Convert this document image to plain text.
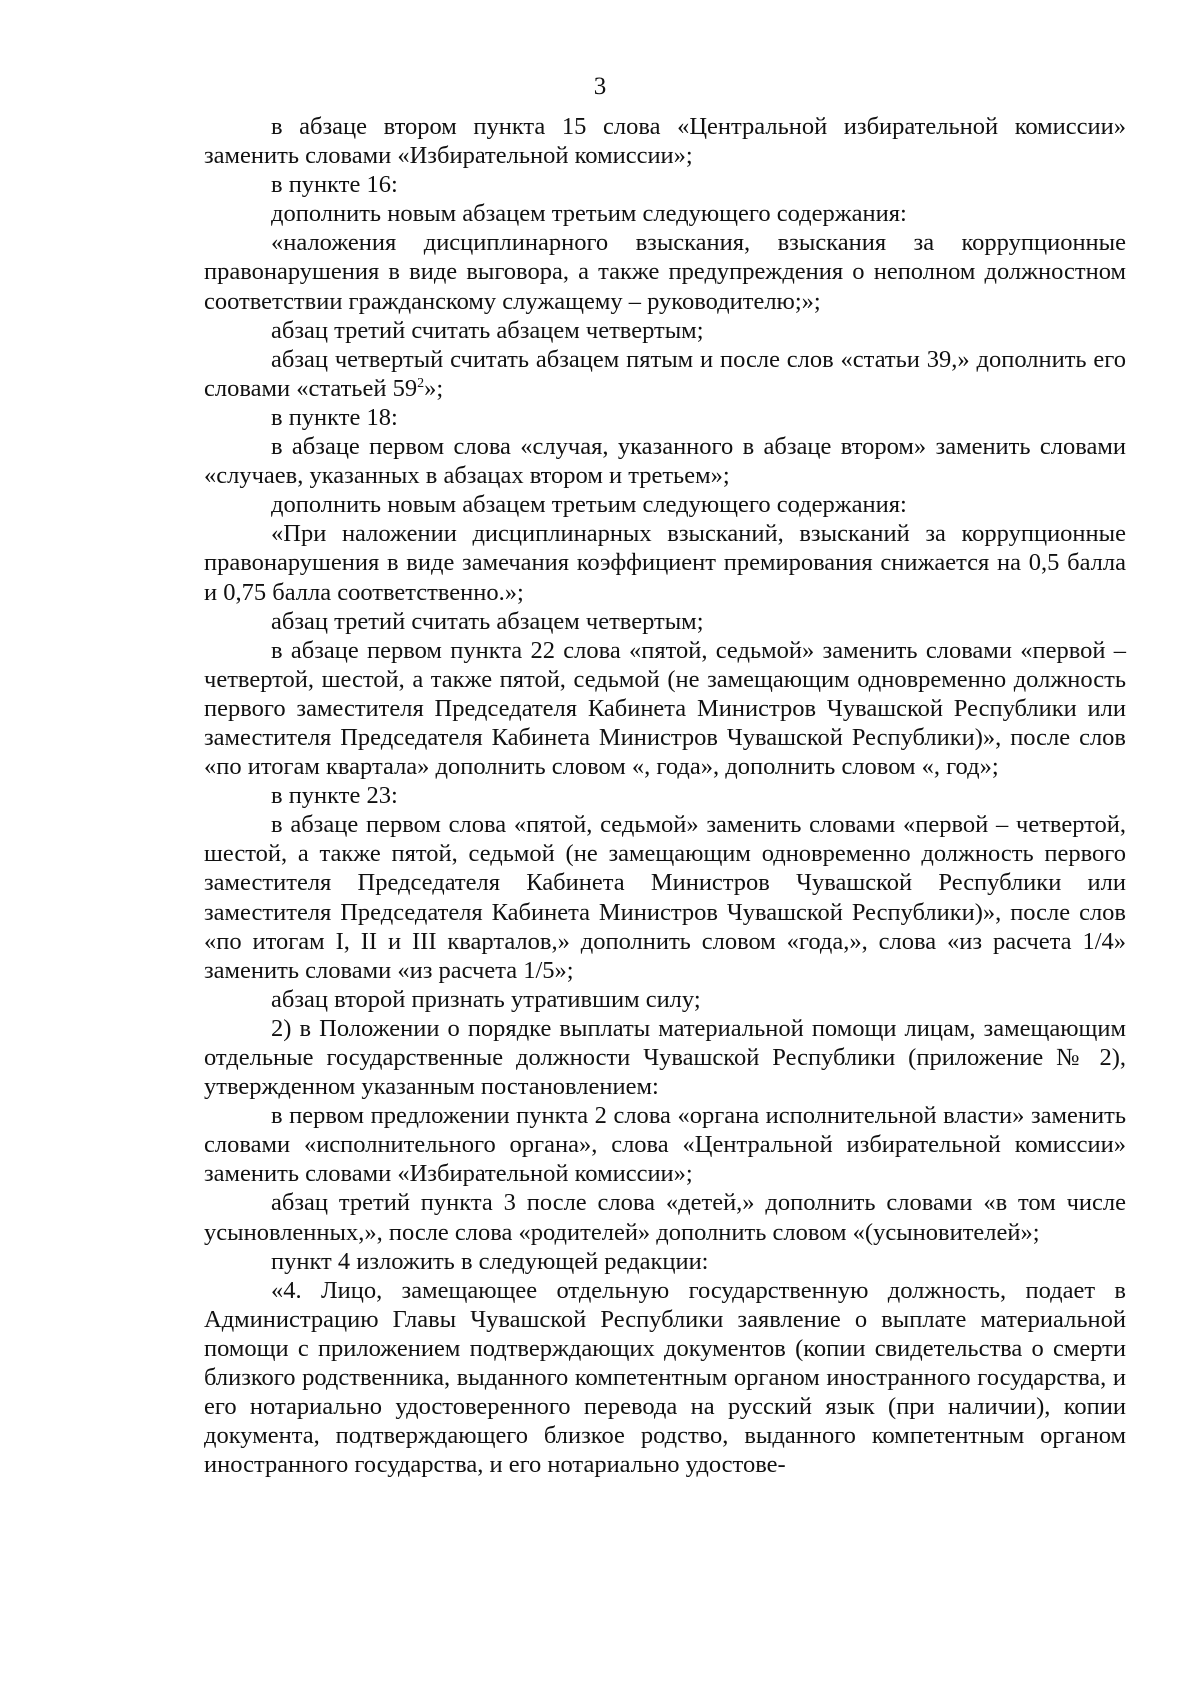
3

в абзаце втором пункта 15 слова «Центральной избирательной комиссии» заменить словами «Избирательной комиссии»;

в пункте 16:

дополнить новым абзацем третьим следующего содержания:

«наложения дисциплинарного взыскания, взыскания за коррупционные правонарушения в виде выговора, а также предупреждения о неполном должностном соответствии гражданскому служащему – руководителю;»;

абзац третий считать абзацем четвертым;

абзац четвертый считать абзацем пятым и после слов «статьи 39,» дополнить его словами «статьей $59^2$»;

в пункте 18:

в абзаце первом слова «случая, указанного в абзаце втором» заменить словами «случаев, указанных в абзацах втором и третьем»;

дополнить новым абзацем третьим следующего содержания:

«При наложении дисциплинарных взысканий, взысканий за коррупционные правонарушения в виде замечания коэффициент премирования снижается на 0,5 балла и 0,75 балла соответственно.»;

абзац третий считать абзацем четвертым;

в абзаце первом пункта 22 слова «пятой, седьмой» заменить словами «первой – четвертой, шестой, а также пятой, седьмой (не замещающим одновременно должность первого заместителя Председателя Кабинета Министров Чувашской Республики или заместителя Председателя Кабинета Министров Чувашской Республики)», после слов «по итогам квартала» дополнить словом «, года», дополнить словом «, год»;

в пункте 23:

в абзаце первом слова «пятой, седьмой» заменить словами «первой – четвертой, шестой, а также пятой, седьмой (не замещающим одновременно должность первого заместителя Председателя Кабинета Министров Чувашской Республики или заместителя Председателя Кабинета Министров Чувашской Республики)», после слов «по итогам I, II и III кварталов,» дополнить словом «года,», слова «из расчета 1/4» заменить словами «из расчета 1/5»;

абзац второй признать утратившим силу;

2) в Положении о порядке выплаты материальной помощи лицам, замещающим отдельные государственные должности Чувашской Республики (приложение № 2), утвержденном указанным постановлением:

в первом предложении пункта 2 слова «органа исполнительной власти» заменить словами «исполнительного органа», слова «Центральной избирательной комиссии» заменить словами «Избирательной комиссии»;

абзац третий пункта 3 после слова «детей,» дополнить словами «в том числе усыновленных,», после слова «родителей» дополнить словом «(усыновителей»;

пункт 4 изложить в следующей редакции:

«4. Лицо, замещающее отдельную государственную должность, подает в Администрацию Главы Чувашской Республики заявление о выплате материальной помощи с приложением подтверждающих документов (копии свидетельства о смерти близкого родственника, выданного компетентным органом иностранного государства, и его нотариально удостоверенного перевода на русский язык (при наличии), копии документа, подтверждающего близкое родство, выданного компетентным органом иностранного государства, и его нотариально удостове-
